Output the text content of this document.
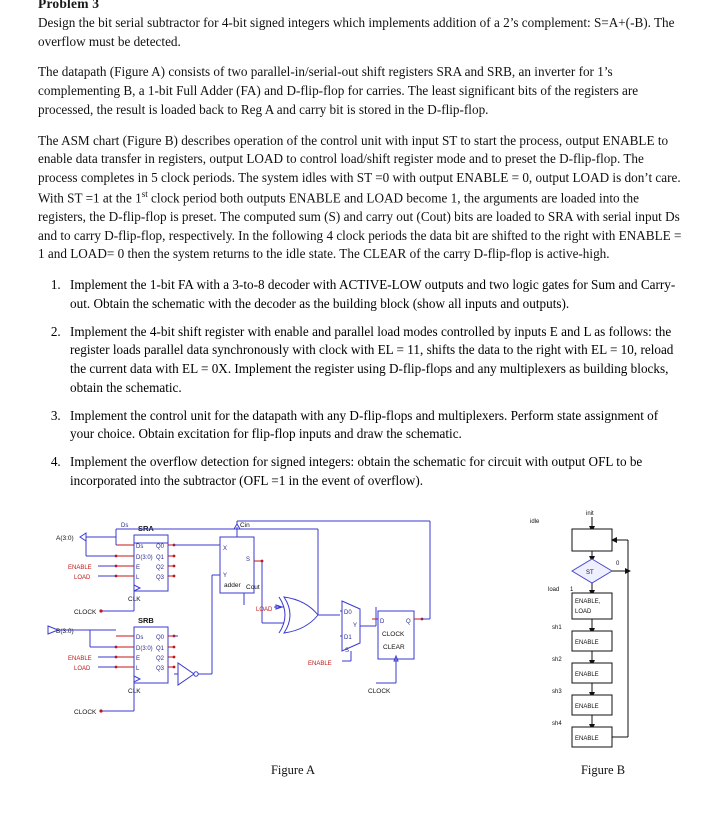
Problem 3

Design the bit serial subtractor for 4-bit signed integers which implements addition of a 2’s complement: S=A+(-B). The overflow must be detected.

The datapath (Figure A) consists of two parallel-in/serial-out shift registers SRA and SRB, an inverter for 1’s complementing B, a 1-bit Full Adder (FA) and D-flip-flop for carries. The least significant bits of the registers are processed, the result is loaded back to Reg A and carry bit is stored in the D-flip-flop.

The ASM chart (Figure B) describes operation of the control unit with input ST to start the process, output ENABLE to enable data transfer in registers, output LOAD to control load/shift register mode and to preset the D-flip-flop. The process completes in 5 clock periods. The system idles with ST =0 with output ENABLE = 0, output LOAD is don’t care. With ST =1 at the 1st clock period both outputs ENABLE and LOAD become 1, the arguments are loaded into the registers, the D-flip-flop is preset. The computed sum (S) and carry out (Cout) bits are loaded to SRA with serial input Ds and to carry D-flip-flop, respectively. In the following 4 clock periods the data bit are shifted to the right with ENABLE = 1 and LOAD= 0 then the system returns to the idle state. The CLEAR of the carry D-flip-flop is active-high.

1. Implement the 1-bit FA with a 3-to-8 decoder with ACTIVE-LOW outputs and two logic gates for Sum and Carry-out. Obtain the schematic with the decoder as the building block (show all inputs and outputs).
2. Implement the 4-bit shift register with enable and parallel load modes controlled by inputs E and L as follows: the register loads parallel data synchronously with clock with EL = 11, shifts the data to the right with EL = 10, reload the current data with EL = 0X. Implement the register using D-flip-flops and any multiplexers as building blocks, obtain the schematic.
3. Implement the control unit for the datapath with any D-flip-flops and multiplexers. Perform state assignment of your choice. Obtain excitation for flip-flop inputs and draw the schematic.
4. Implement the overflow detection for signed integers: obtain the schematic for circuit with output OFL to be incorporated into the subtractor (OFL =1 in the event of overflow).
SRA
Ds
D(3:0)
E
L
Q0
Q1
Q2
Q3
CLK
A(3:0)
ENABLE
LOAD
CLOCK
SRB
Ds
D(3:0)
E
L
Q0
Q1
Q2
Q3
CLK
B(3:0)
ENABLE
LOAD
CLOCK
adder
X
Y
S
Cin
Cout
LOAD	D0
D1
Y
S
ENABLE
D	Q
CLOCK
CLEAR
CLOCK
Ds
init
idle
ST
0
load 1
ENABLE,
LOAD
sh1
ENABLE
sh2
ENABLE
sh3
ENABLE
sh4
ENABLE
Figure A	Figure B
